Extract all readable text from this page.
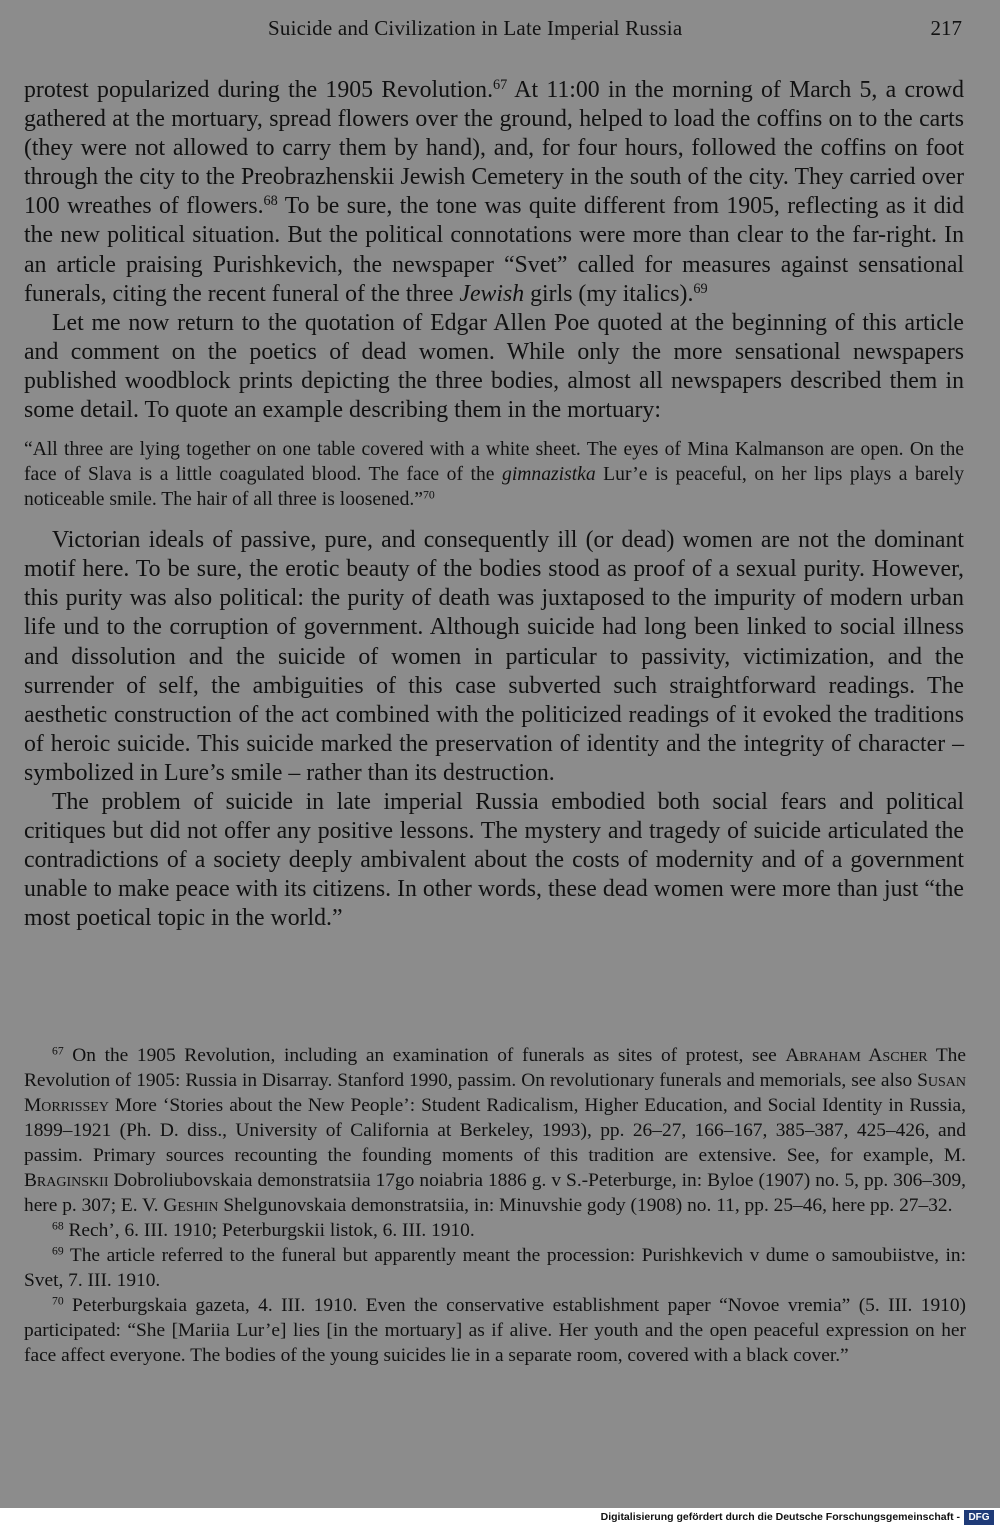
Suicide and Civilization in Late Imperial Russia	217

protest popularized during the 1905 Revolution.$^{67}$ At 11:00 in the morning of March 5, a crowd gathered at the mortuary, spread flowers over the ground, helped to load the coffins on to the carts (they were not allowed to carry them by hand), and, for four hours, followed the coffins on foot through the city to the Preobrazhenskii Jewish Cemetery in the south of the city. They carried over 100 wreathes of flowers.$^{68}$ To be sure, the tone was quite different from 1905, reflecting as it did the new political situation. But the political connotations were more than clear to the far-right. In an article praising Purishkevich, the newspaper “Svet” called for measures against sensational funerals, citing the recent funeral of the three Jewish girls (my italics).$^{69}$

Let me now return to the quotation of Edgar Allen Poe quoted at the beginning of this article and comment on the poetics of dead women. While only the more sensational newspapers published woodblock prints depicting the three bodies, almost all newspapers described them in some detail. To quote an example describing them in the mortuary:

“All three are lying together on one table covered with a white sheet. The eyes of Mina Kalmanson are open. On the face of Slava is a little coagulated blood. The face of the gimnazistka Lur’e is peaceful, on her lips plays a barely noticeable smile. The hair of all three is loosened.”$^{70}$

Victorian ideals of passive, pure, and consequently ill (or dead) women are not the dominant motif here. To be sure, the erotic beauty of the bodies stood as proof of a sexual purity. However, this purity was also political: the purity of death was juxtaposed to the impurity of modern urban life und to the corruption of government. Although suicide had long been linked to social illness and dissolution and the suicide of women in particular to passivity, victimization, and the surrender of self, the ambiguities of this case subverted such straightforward readings. The aesthetic construction of the act combined with the politicized readings of it evoked the traditions of heroic suicide. This suicide marked the preservation of identity and the integrity of character – symbolized in Lure’s smile – rather than its destruction.

The problem of suicide in late imperial Russia embodied both social fears and political critiques but did not offer any positive lessons. The mystery and tragedy of suicide articulated the contradictions of a society deeply ambivalent about the costs of modernity and of a government unable to make peace with its citizens. In other words, these dead women were more than just “the most poetical topic in the world.”

$^{67}$ On the 1905 Revolution, including an examination of funerals as sites of protest, see Abraham Ascher The Revolution of 1905: Russia in Disarray. Stanford 1990, passim. On revolutionary funerals and memorials, see also Susan Morrissey More ‘Stories about the New People’: Student Radicalism, Higher Education, and Social Identity in Russia, 1899–1921 (Ph. D. diss., University of California at Berkeley, 1993), pp. 26–27, 166–167, 385–387, 425–426, and passim. Primary sources recounting the founding moments of this tradition are extensive. See, for example, M. Braginskii Dobroliubovskaia demonstratsiia 17go noiabria 1886 g. v S.-Peterburge, in: Byloe (1907) no. 5, pp. 306–309, here p. 307; E. V. Geshin Shelgunovskaia demonstratsiia, in: Minuvshie gody (1908) no. 11, pp. 25–46, here pp. 27–32.

$^{68}$ Rech’, 6. III. 1910; Peterburgskii listok, 6. III. 1910.

$^{69}$ The article referred to the funeral but apparently meant the procession: Purishkevich v dume o samoubiistve, in: Svet, 7. III. 1910.

$^{70}$ Peterburgskaia gazeta, 4. III. 1910. Even the conservative establishment paper “Novoe vremia” (5. III. 1910) participated: “She [Mariia Lur’e] lies [in the mortuary] as if alive. Her youth and the open peaceful expression on her face affect everyone. The bodies of the young suicides lie in a separate room, covered with a black cover.”

Digitalisierung gefördert durch die Deutsche Forschungsgemeinschaft - DFG
